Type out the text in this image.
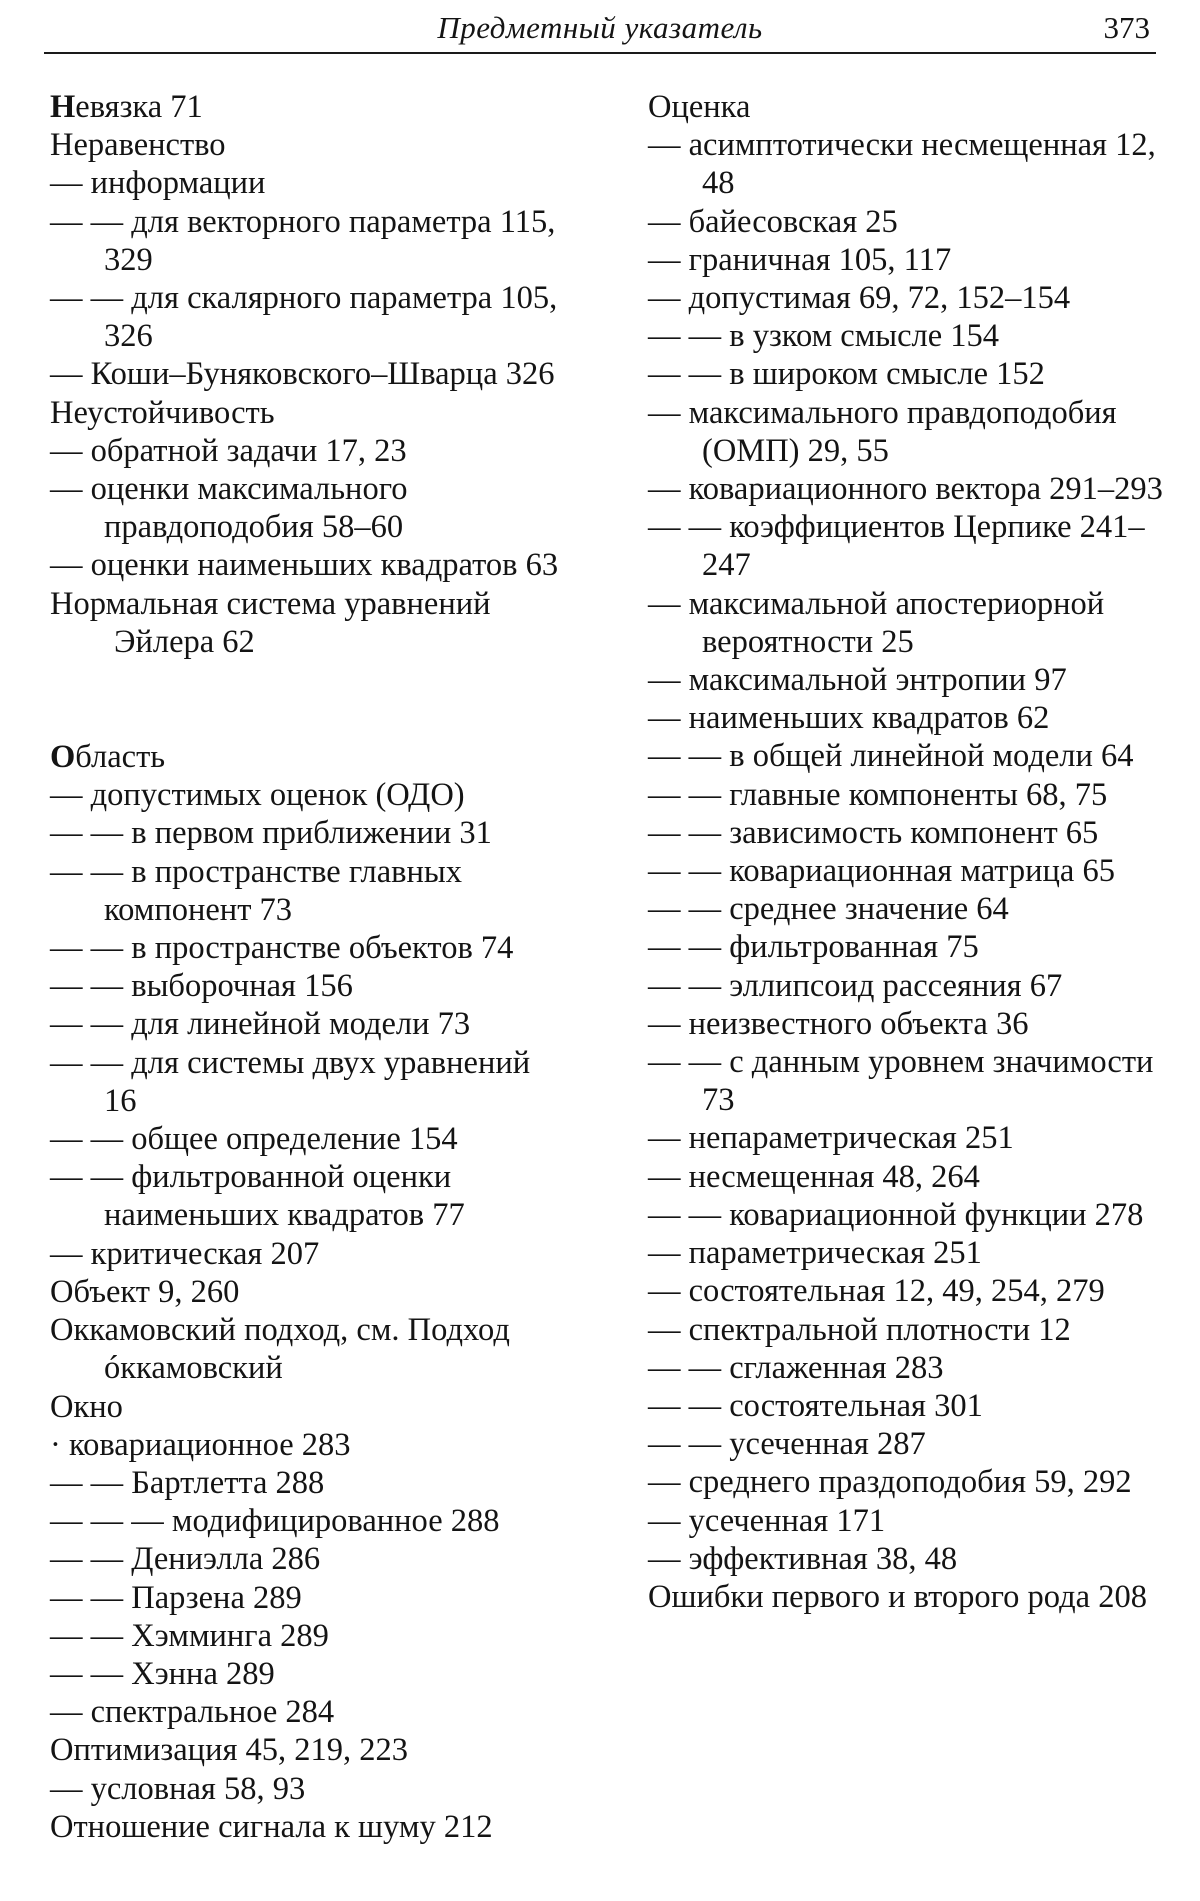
Предметный указатель	373
Невязка 71
Неравенство
— информации
— — для векторного параметра 115, 329
— — для скалярного параметра 105, 326
— Коши–Буняковского–Шварца 326
Неустойчивость
— обратной задачи 17, 23
— оценки максимального правдоподобия 58–60
— оценки наименьших квадратов 63
Нормальная система уравнений Эйлера 62
Область
— допустимых оценок (ОДО)
— — в первом приближении 31
— — в пространстве главных компонент 73
— — в пространстве объектов 74
— — выборочная 156
— — для линейной модели 73
— — для системы двух уравнений 16
— — общее определение 154
— — фильтрованной оценки наименьших квадратов 77
— критическая 207
Объект 9, 260
Оккамовский подход, см. Подход óккамовский
Окно
· ковариационное 283
— — Бартлетта 288
— — — модифицированное 288
— — Дениэлла 286
— — Парзена 289
— — Хэмминга 289
— — Хэнна 289
— спектральное 284
Оптимизация 45, 219, 223
— условная 58, 93
Отношение сигнала к шуму 212
Оценка
— асимптотически несмещенная 12, 48
— байесовская 25
— граничная 105, 117
— допустимая 69, 72, 152–154
— — в узком смысле 154
— — в широком смысле 152
— максимального правдоподобия (ОМП) 29, 55
— ковариационного вектора 291–293
— — коэффициентов Церпике 241–247
— максимальной апостериорной вероятности 25
— максимальной энтропии 97
— наименьших квадратов 62
— — в общей линейной модели 64
— — главные компоненты 68, 75
— — зависимость компонент 65
— — ковариационная матрица 65
— — среднее значение 64
— — фильтрованная 75
— — эллипсоид рассеяния 67
— неизвестного объекта 36
— — с данным уровнем значимости 73
— непараметрическая 251
— несмещенная 48, 264
— — ковариационной функции 278
— параметрическая 251
— состоятельная 12, 49, 254, 279
— спектральной плотности 12
— — сглаженная 283
— — состоятельная 301
— — усеченная 287
— среднего праздоподобия 59, 292
— усеченная 171
— эффективная 38, 48
Ошибки первого и второго рода 208
